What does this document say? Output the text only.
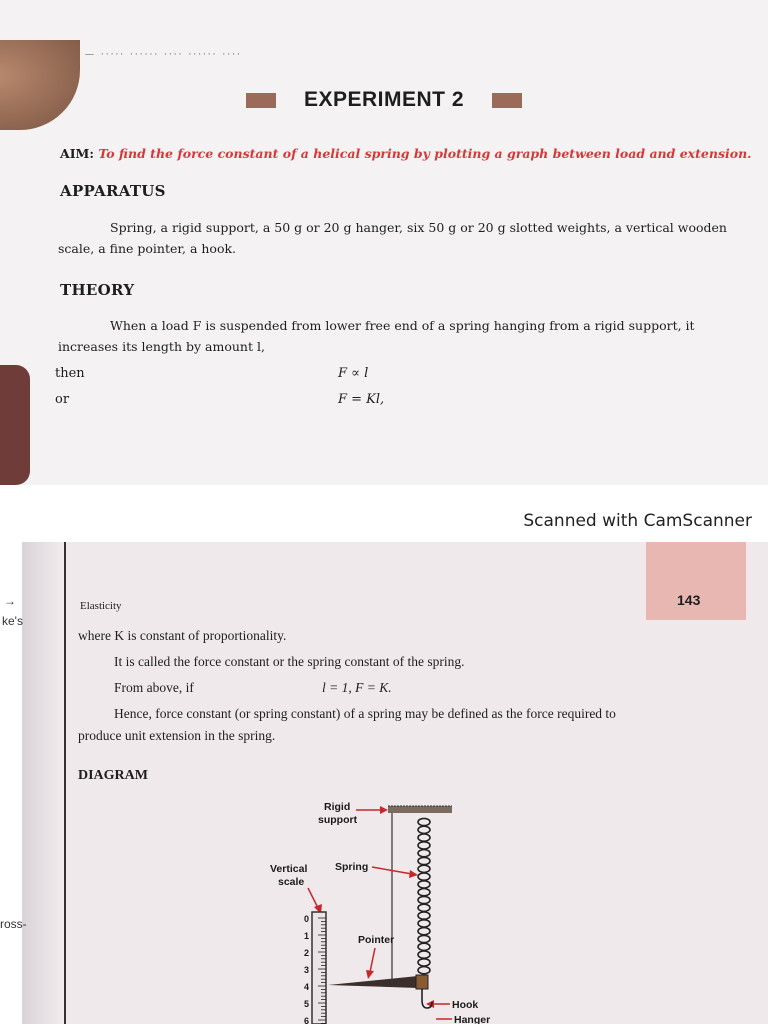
— ····· ······ ···· ······ ····
EXPERIMENT 2
AIM: To find the force constant of a helical spring by plotting a graph between load and extension.
APPARATUS
Spring, a rigid support, a 50 g or 20 g hanger, six 50 g or 20 g slotted weights, a vertical wooden scale, a fine pointer, a hook.
THEORY
When a load F is suspended from lower free end of a spring hanging from a rigid support, it increases its length by amount l,
then	F ∝ l
or	F = Kl,
Scanned with CamScanner
→
ke's
ross-
143
Elasticity
where K is constant of proportionality.
It is called the force constant or the spring constant of the spring.
From above, if	l = 1, F = K.
Hence, force constant (or spring constant) of a spring may be defined as the force required to
produce unit extension in the spring.
DIAGRAM
Rigid
support
Vertical
scale
0
1
2
3
4
5
6
Spring
Pointer
Hook
Hanger
